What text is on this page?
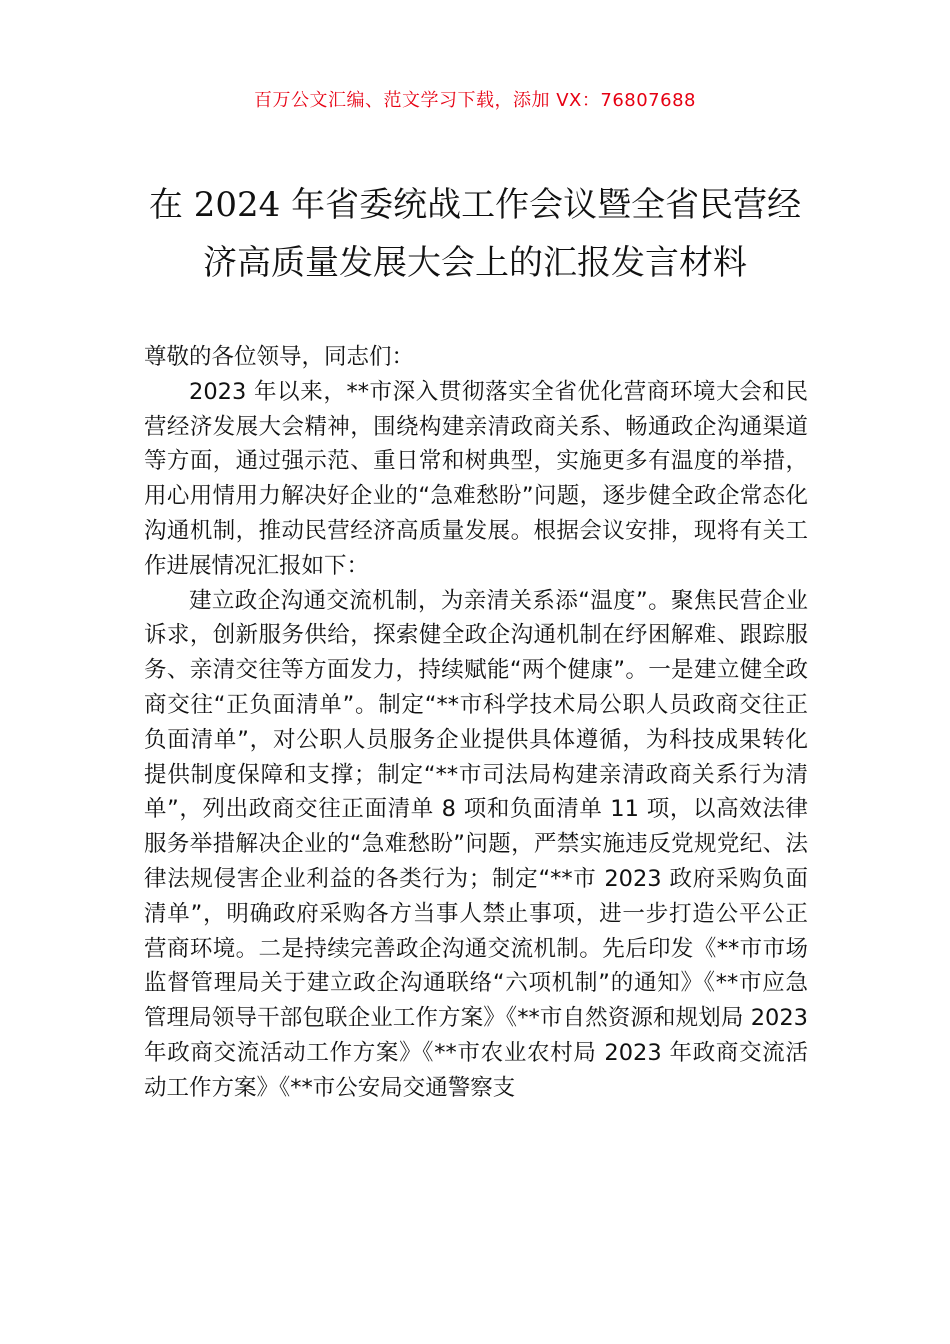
百万公文汇编、范文学习下载，添加 VX：76807688
在 2024 年省委统战工作会议暨全省民营经
济高质量发展大会上的汇报发言材料

尊敬的各位领导，同志们：

2023 年以来，**市深入贯彻落实全省优化营商环境大会和民营经济发展大会精神，围绕构建亲清政商关系、畅通政企沟通渠道等方面，通过强示范、重日常和树典型，实施更多有温度的举措，用心用情用力解决好企业的“急难愁盼”问题，逐步健全政企常态化沟通机制，推动民营经济高质量发展。根据会议安排，现将有关工作进展情况汇报如下：

建立政企沟通交流机制，为亲清关系添“温度”。聚焦民营企业诉求，创新服务供给，探索健全政企沟通机制在纾困解难、跟踪服务、亲清交往等方面发力，持续赋能“两个健康”。一是建立健全政商交往“正负面清单”。制定“**市科学技术局公职人员政商交往正负面清单”，对公职人员服务企业提供具体遵循，为科技成果转化提供制度保障和支撑；制定“**市司法局构建亲清政商关系行为清单”，列出政商交往正面清单 8 项和负面清单 11 项，以高效法律服务举措解决企业的“急难愁盼”问题，严禁实施违反党规党纪、法律法规侵害企业利益的各类行为；制定“**市 2023 政府采购负面清单”，明确政府采购各方当事人禁止事项，进一步打造公平公正营商环境。二是持续完善政企沟通交流机制。先后印发《**市市场监督管理局关于建立政企沟通联络“六项机制”的通知》《**市应急管理局领导干部包联企业工作方案》《**市自然资源和规划局 2023 年政商交流活动工作方案》《**市农业农村局 2023 年政商交流活动工作方案》《**市公安局交通警察支
